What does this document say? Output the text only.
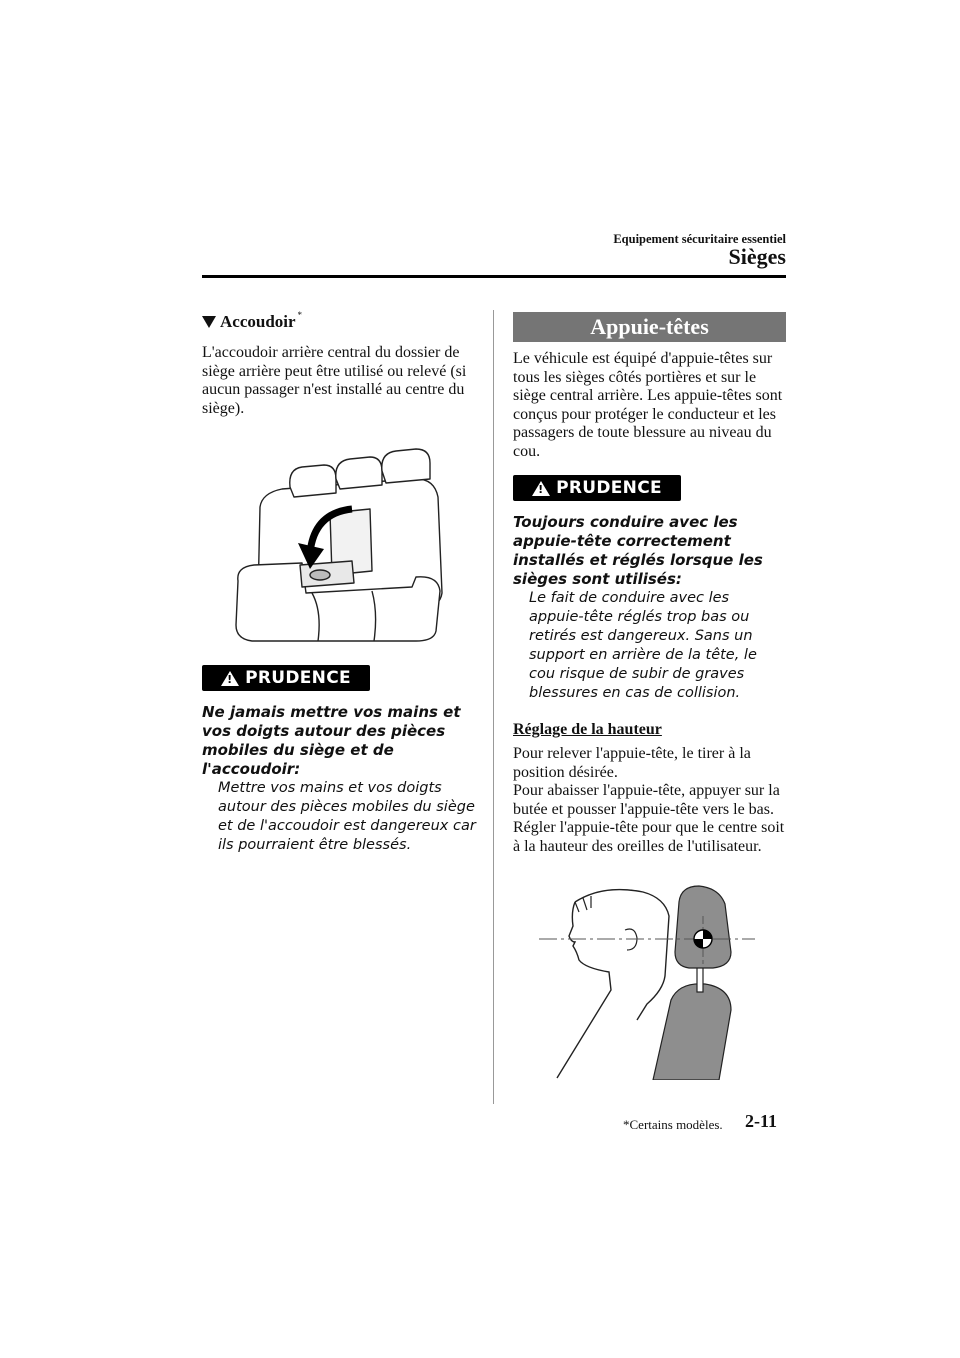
Equipement sécuritaire essentiel
Sièges
Accoudoir *

L'accoudoir arrière central du dossier de siège arrière peut être utilisé ou relevé (si aucun passager n'est installé au centre du siège).

! PRUDENCE

Ne jamais mettre vos mains et vos doigts autour des pièces mobiles du siège et de l'accoudoir:

Mettre vos mains et vos doigts autour des pièces mobiles du siège et de l'accoudoir est dangereux car ils pourraient être blessés.

Appuie-têtes

Le véhicule est équipé d'appuie-têtes sur tous les sièges côtés portières et sur le siège central arrière. Les appuie-têtes sont conçus pour protéger le conducteur et les passagers de toute blessure au niveau du cou.

! PRUDENCE

Toujours conduire avec les appuie-tête correctement installés et réglés lorsque les sièges sont utilisés:

Le fait de conduire avec les appuie-tête réglés trop bas ou retirés est dangereux. Sans un support en arrière de la tête, le cou risque de subir de graves blessures en cas de collision.

Réglage de la hauteur

Pour relever l'appuie-tête, le tirer à la position désirée.

Pour abaisser l'appuie-tête, appuyer sur la butée et pousser l'appuie-tête vers le bas.

Régler l'appuie-tête pour que le centre soit à la hauteur des oreilles de l'utilisateur.

*Certains modèles. 2-11
